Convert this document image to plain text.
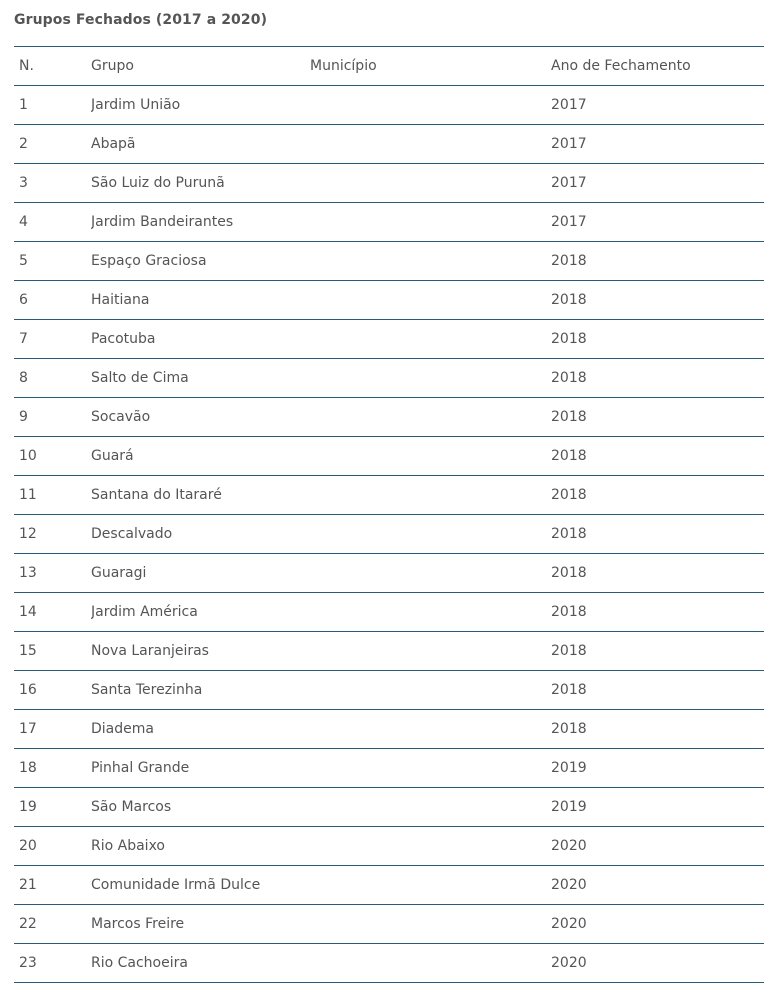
Grupos Fechados (2017 a 2020)
N.	Grupo	Município	Ano de Fechamento
1	Jardim União		2017
2	Abapã		2017
3	São Luiz do Purunã		2017
4	Jardim Bandeirantes		2017
5	Espaço Graciosa		2018
6	Haitiana		2018
7	Pacotuba		2018
8	Salto de Cima		2018
9	Socavão		2018
10	Guará		2018
11	Santana do Itararé		2018
12	Descalvado		2018
13	Guaragi		2018
14	Jardim América		2018
15	Nova Laranjeiras		2018
16	Santa Terezinha		2018
17	Diadema		2018
18	Pinhal Grande		2019
19	São Marcos		2019
20	Rio Abaixo		2020
21	Comunidade Irmã Dulce		2020
22	Marcos Freire		2020
23	Rio Cachoeira		2020
